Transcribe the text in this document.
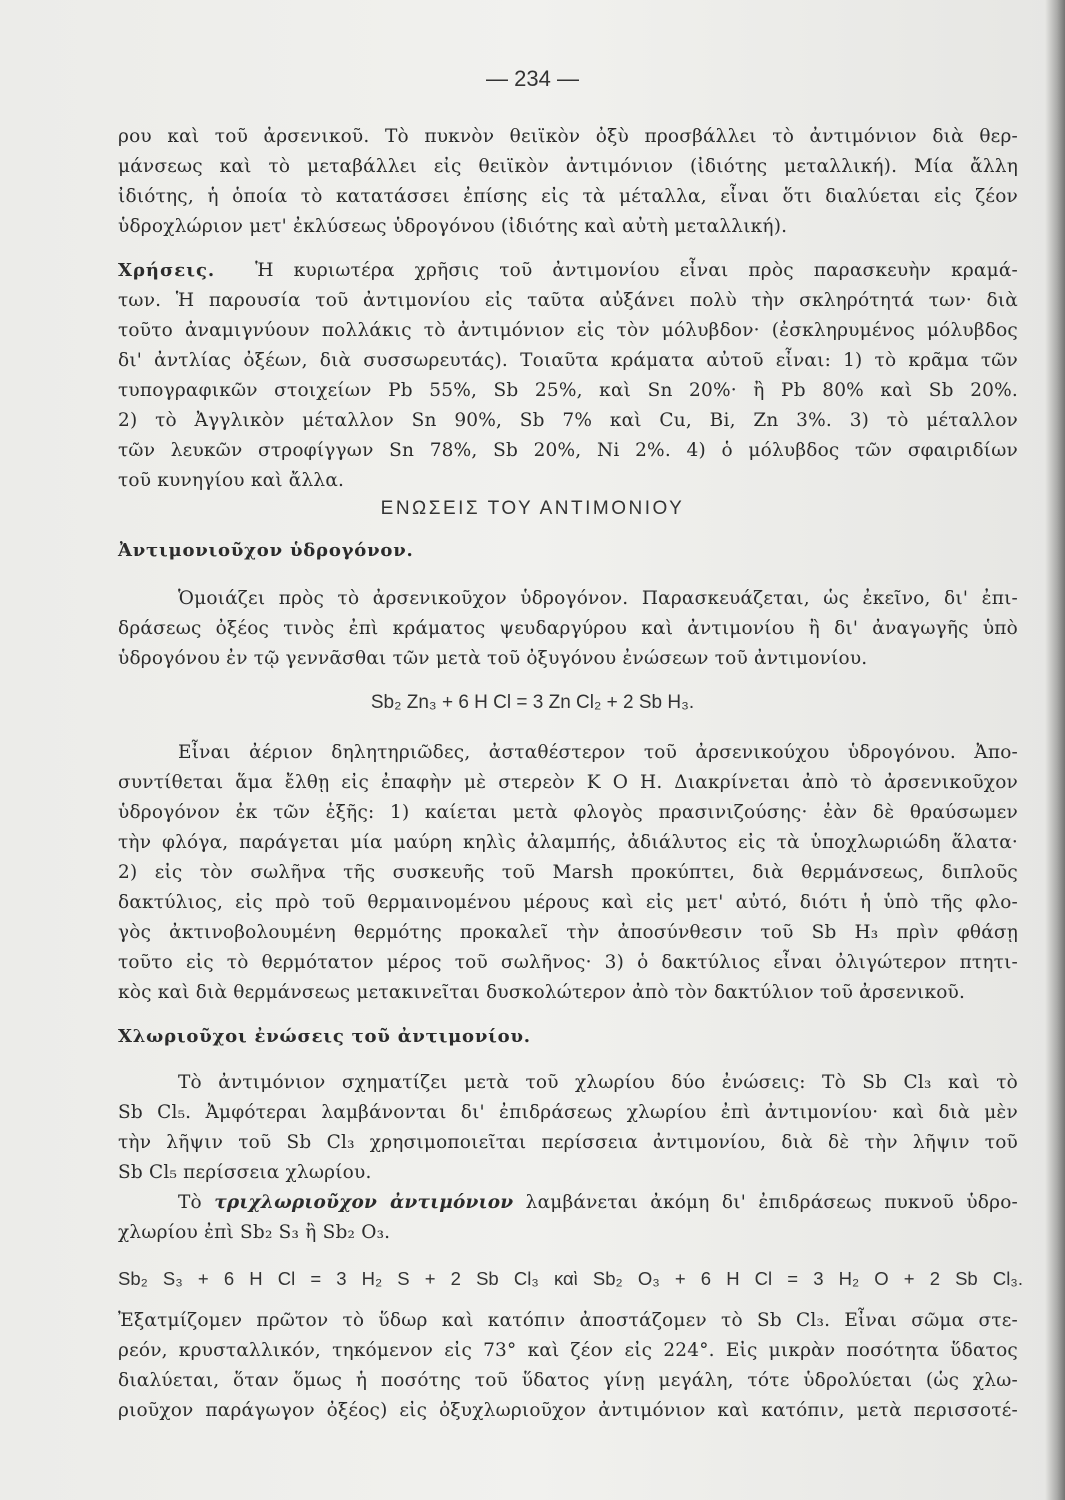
— 234 —
ρου καὶ τοῦ ἀρσενικοῦ. Τὸ πυκνὸν θειϊκὸν ὀξὺ προσβάλλει τὸ ἀντιμόνιον διὰ θερ-
μάνσεως καὶ τὸ μεταβάλλει εἰς θειϊκὸν ἀντιμόνιον (ἰδιότης μεταλλική). Μία ἄλλη
ἰδιότης, ἡ ὁποία τὸ κατατάσσει ἐπίσης εἰς τὰ μέταλλα, εἶναι ὅτι διαλύεται εἰς ζέον
ὑδροχλώριον μετ' ἐκλύσεως ὑδρογόνου (ἰδιότης καὶ αὐτὴ μεταλλική).
Χρήσεις. Ἡ κυριωτέρα χρῆσις τοῦ ἀντιμονίου εἶναι πρὸς παρασκευὴν κραμά-
των. Ἡ παρουσία τοῦ ἀντιμονίου εἰς ταῦτα αὐξάνει πολὺ τὴν σκληρότητά των· διὰ
τοῦτο ἀναμιγνύουν πολλάκις τὸ ἀντιμόνιον εἰς τὸν μόλυβδον· (ἐσκληρυμένος μόλυβδος
δι' ἀντλίας ὀξέων, διὰ συσσωρευτάς). Τοιαῦτα κράματα αὐτοῦ εἶναι: 1) τὸ κρᾶμα τῶν
τυπογραφικῶν στοιχείων Pb 55%, Sb 25%, καὶ Sn 20%· ἢ Pb 80% καὶ Sb 20%.
2) τὸ Ἀγγλικὸν μέταλλον Sn 90%, Sb 7% καὶ Cu, Bi, Zn 3%. 3) τὸ μέταλλον
τῶν λευκῶν στροφίγγων Sn 78%, Sb 20%, Ni 2%. 4) ὁ μόλυβδος τῶν σφαιριδίων
τοῦ κυνηγίου καὶ ἄλλα.
ΕΝΩΣΕΙΣ ΤΟΥ ΑΝΤΙΜΟΝΙΟΥ
Ἀντιμονιοῦχον ὑδρογόνον.
Ὁμοιάζει πρὸς τὸ ἀρσενικοῦχον ὑδρογόνον. Παρασκευάζεται, ὡς ἐκεῖνο, δι' ἐπι-
δράσεως ὀξέος τινὸς ἐπὶ κράματος ψευδαργύρου καὶ ἀντιμονίου ἢ δι' ἀναγωγῆς ὑπὸ
ὑδρογόνου ἐν τῷ γεννᾶσθαι τῶν μετὰ τοῦ ὀξυγόνου ἐνώσεων τοῦ ἀντιμονίου.
Sb₂ Zn₃ + 6 H Cl = 3 Zn Cl₂ + 2 Sb H₃.
Εἶναι ἀέριον δηλητηριῶδες, ἀσταθέστερον τοῦ ἀρσενικούχου ὑδρογόνου. Ἀπο-
συντίθεται ἅμα ἔλθῃ εἰς ἐπαφὴν μὲ στερεὸν K O H. Διακρίνεται ἀπὸ τὸ ἀρσενικοῦχον
ὑδρογόνον ἐκ τῶν ἑξῆς: 1) καίεται μετὰ φλογὸς πρασινιζούσης· ἐὰν δὲ θραύσωμεν
τὴν φλόγα, παράγεται μία μαύρη κηλὶς ἀλαμπής, ἀδιάλυτος εἰς τὰ ὑποχλωριώδη ἅλατα·
2) εἰς τὸν σωλῆνα τῆς συσκευῆς τοῦ Marsh προκύπτει, διὰ θερμάνσεως, διπλοῦς
δακτύλιος, εἰς πρὸ τοῦ θερμαινομένου μέρους καὶ εἰς μετ' αὐτό, διότι ἡ ὑπὸ τῆς φλο-
γὸς ἀκτινοβολουμένη θερμότης προκαλεῖ τὴν ἀποσύνθεσιν τοῦ Sb H₃ πρὶν φθάσῃ
τοῦτο εἰς τὸ θερμότατον μέρος τοῦ σωλῆνος· 3) ὁ δακτύλιος εἶναι ὀλιγώτερον πτητι-
κὸς καὶ διὰ θερμάνσεως μετακινεῖται δυσκολώτερον ἀπὸ τὸν δακτύλιον τοῦ ἀρσενικοῦ.
Χλωριοῦχοι ἐνώσεις τοῦ ἀντιμονίου.
Τὸ ἀντιμόνιον σχηματίζει μετὰ τοῦ χλωρίου δύο ἐνώσεις: Τὸ Sb Cl₃ καὶ τὸ
Sb Cl₅. Ἀμφότεραι λαμβάνονται δι' ἐπιδράσεως χλωρίου ἐπὶ ἀντιμονίου· καὶ διὰ μὲν
τὴν λῆψιν τοῦ Sb Cl₃ χρησιμοποιεῖται περίσσεια ἀντιμονίου, διὰ δὲ τὴν λῆψιν τοῦ
Sb Cl₅ περίσσεια χλωρίου.
Τὸ τριχλωριοῦχον ἀντιμόνιον λαμβάνεται ἀκόμη δι' ἐπιδράσεως πυκνοῦ ὑδρο-
χλωρίου ἐπὶ Sb₂ S₃ ἢ Sb₂ O₃.
Sb₂ S₃ + 6 H Cl = 3 H₂ S + 2 Sb Cl₃ καὶ Sb₂ O₃ + 6 H Cl = 3 H₂ O + 2 Sb Cl₃.
Ἐξατμίζομεν πρῶτον τὸ ὕδωρ καὶ κατόπιν ἀποστάζομεν τὸ Sb Cl₃. Εἶναι σῶμα στε-
ρεόν, κρυσταλλικόν, τηκόμενον εἰς 73° καὶ ζέον εἰς 224°. Εἰς μικρὰν ποσότητα ὕδατος
διαλύεται, ὅταν ὅμως ἡ ποσότης τοῦ ὕδατος γίνῃ μεγάλη, τότε ὑδρολύεται (ὡς χλω-
ριοῦχον παράγωγον ὀξέος) εἰς ὀξυχλωριοῦχον ἀντιμόνιον καὶ κατόπιν, μετὰ περισσοτέ-
